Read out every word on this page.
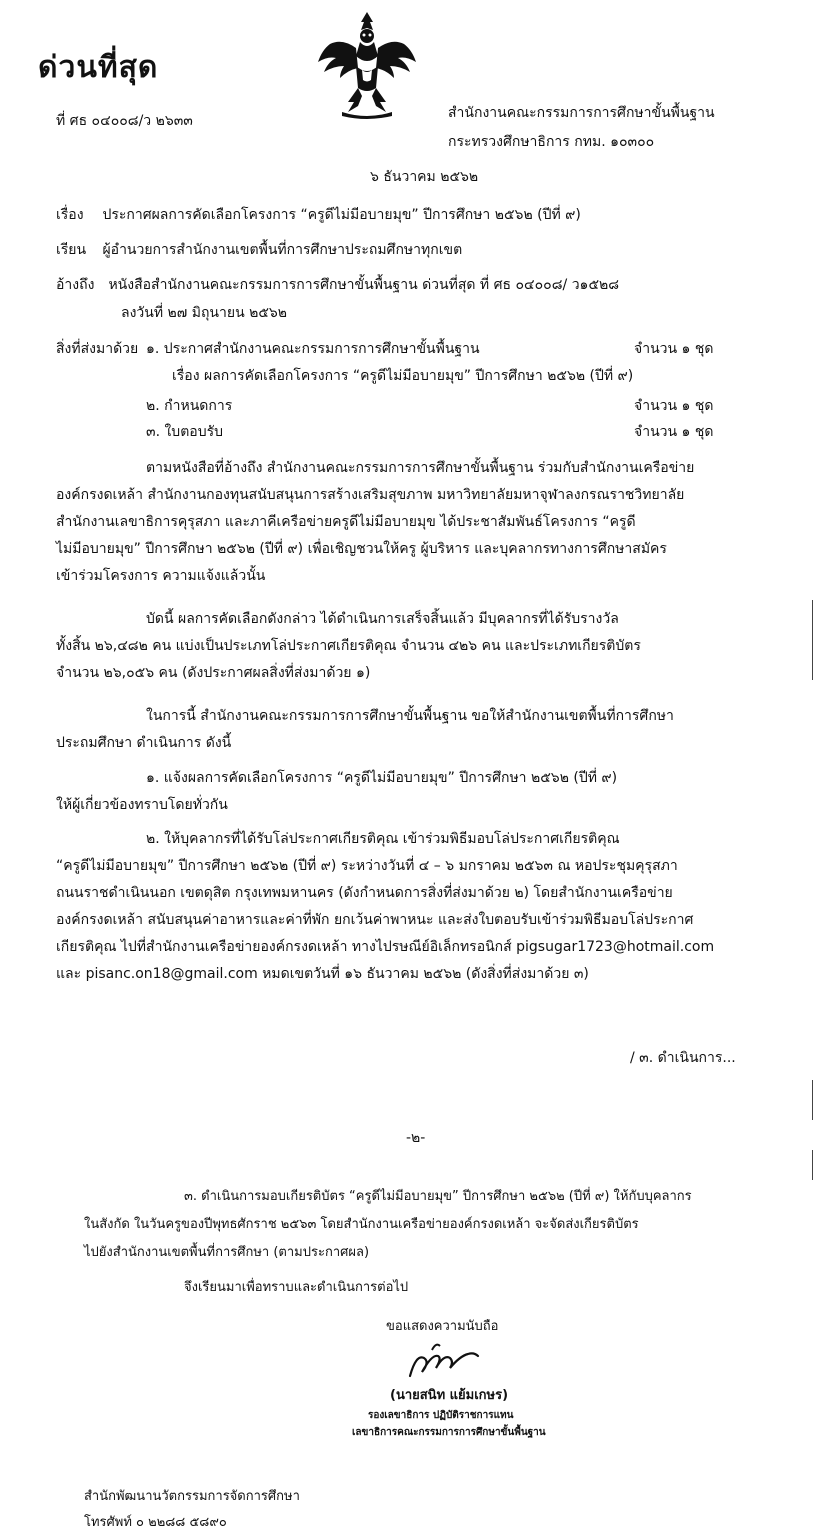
ด่วนที่สุด
ที่ ศธ ๐๔๐๐๘/ว ๒๖๓๓	สำนักงานคณะกรรมการการศึกษาขั้นพื้นฐาน
กระทรวงศึกษาธิการ กทม. ๑๐๓๐๐
๖ ธันวาคม ๒๕๖๒
เรื่อง ประกาศผลการคัดเลือกโครงการ “ครูดีไม่มีอบายมุข” ปีการศึกษา ๒๕๖๒ (ปีที่ ๙)
เรียน ผู้อำนวยการสำนักงานเขตพื้นที่การศึกษาประถมศึกษาทุกเขต
อ้างถึง หนังสือสำนักงานคณะกรรมการการศึกษาขั้นพื้นฐาน ด่วนที่สุด ที่ ศธ ๐๔๐๐๘/ ว๑๕๒๘
ลงวันที่ ๒๗ มิถุนายน ๒๕๖๒
สิ่งที่ส่งมาด้วย ๑. ประกาศสำนักงานคณะกรรมการการศึกษาขั้นพื้นฐาน	จำนวน ๑ ชุด
เรื่อง ผลการคัดเลือกโครงการ “ครูดีไม่มีอบายมุข” ปีการศึกษา ๒๕๖๒ (ปีที่ ๙)
๒. กำหนดการ	จำนวน ๑ ชุด
๓. ใบตอบรับ	จำนวน ๑ ชุด
ตามหนังสือที่อ้างถึง สำนักงานคณะกรรมการการศึกษาขั้นพื้นฐาน ร่วมกับสำนักงานเครือข่าย
องค์กรงดเหล้า สำนักงานกองทุนสนับสนุนการสร้างเสริมสุขภาพ มหาวิทยาลัยมหาจุฬาลงกรณราชวิทยาลัย
สำนักงานเลขาธิการคุรุสภา และภาคีเครือข่ายครูดีไม่มีอบายมุข ได้ประชาสัมพันธ์โครงการ “ครูดี
ไม่มีอบายมุข” ปีการศึกษา ๒๕๖๒ (ปีที่ ๙) เพื่อเชิญชวนให้ครู ผู้บริหาร และบุคลากรทางการศึกษาสมัคร
เข้าร่วมโครงการ ความแจ้งแล้วนั้น
บัดนี้ ผลการคัดเลือกดังกล่าว ได้ดำเนินการเสร็จสิ้นแล้ว มีบุคลากรที่ได้รับรางวัล
ทั้งสิ้น ๒๖,๔๘๒ คน แบ่งเป็นประเภทโล่ประกาศเกียรติคุณ จำนวน ๔๒๖ คน และประเภทเกียรติบัตร
จำนวน ๒๖,๐๕๖ คน (ดังประกาศผลสิ่งที่ส่งมาด้วย ๑)
ในการนี้ สำนักงานคณะกรรมการการศึกษาขั้นพื้นฐาน ขอให้สำนักงานเขตพื้นที่การศึกษา
ประถมศึกษา ดำเนินการ ดังนี้
๑. แจ้งผลการคัดเลือกโครงการ “ครูดีไม่มีอบายมุข” ปีการศึกษา ๒๕๖๒ (ปีที่ ๙)
ให้ผู้เกี่ยวข้องทราบโดยทั่วกัน
๒. ให้บุคลากรที่ได้รับโล่ประกาศเกียรติคุณ เข้าร่วมพิธีมอบโล่ประกาศเกียรติคุณ
“ครูดีไม่มีอบายมุข” ปีการศึกษา ๒๕๖๒ (ปีที่ ๙) ระหว่างวันที่ ๔ – ๖ มกราคม ๒๕๖๓ ณ หอประชุมคุรุสภา
ถนนราชดำเนินนอก เขตดุสิต กรุงเทพมหานคร (ดังกำหนดการสิ่งที่ส่งมาด้วย ๒) โดยสำนักงานเครือข่าย
องค์กรงดเหล้า สนับสนุนค่าอาหารและค่าที่พัก ยกเว้นค่าพาหนะ และส่งใบตอบรับเข้าร่วมพิธีมอบโล่ประกาศ
เกียรติคุณ ไปที่สำนักงานเครือข่ายองค์กรงดเหล้า ทางไปรษณีย์อิเล็กทรอนิกส์ pigsugar1723@hotmail.com
และ pisanc.on18@gmail.com หมดเขตวันที่ ๑๖ ธันวาคม ๒๕๖๒ (ดังสิ่งที่ส่งมาด้วย ๓)
/ ๓. ดำเนินการ...
-๒-
๓. ดำเนินการมอบเกียรติบัตร “ครูดีไม่มีอบายมุข” ปีการศึกษา ๒๕๖๒ (ปีที่ ๙) ให้กับบุคลากร
ในสังกัด ในวันครูของปีพุทธศักราช ๒๕๖๓ โดยสำนักงานเครือข่ายองค์กรงดเหล้า จะจัดส่งเกียรติบัตร
ไปยังสำนักงานเขตพื้นที่การศึกษา (ตามประกาศผล)
จึงเรียนมาเพื่อทราบและดำเนินการต่อไป
ขอแสดงความนับถือ
(นายสนิท แย้มเกษร)
รองเลขาธิการ ปฏิบัติราชการแทน
เลขาธิการคณะกรรมการการศึกษาขั้นพื้นฐาน
สำนักพัฒนานวัตกรรมการจัดการศึกษา
โทรศัพท์ ๐ ๒๒๘๘ ๕๘๙๐
